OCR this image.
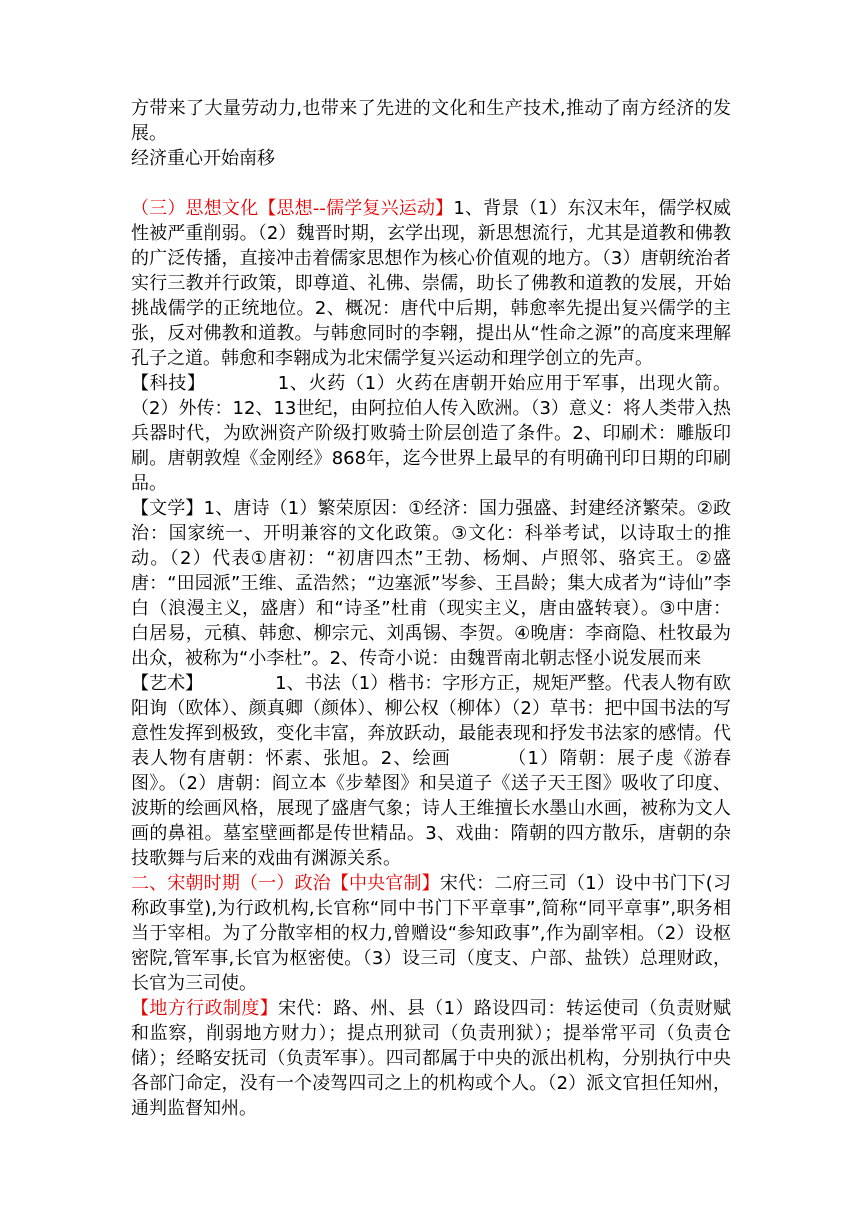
方带来了大量劳动力,也带来了先进的文化和生产技术,推动了南方经济的发展。

经济重心开始南移

（三）思想文化【思想--儒学复兴运动】1、背景（1）东汉末年，儒学权威性被严重削弱。（2）魏晋时期，玄学出现，新思想流行，尤其是道教和佛教的广泛传播，直接冲击着儒家思想作为核心价值观的地方。（3）唐朝统治者实行三教并行政策，即尊道、礼佛、崇儒，助长了佛教和道教的发展，开始挑战儒学的正统地位。2、概况：唐代中后期，韩愈率先提出复兴儒学的主张，反对佛教和道教。与韩愈同时的李翱，提出从“性命之源”的高度来理解孔子之道。韩愈和李翱成为北宋儒学复兴运动和理学创立的先声。

【科技】	1、火药（1）火药在唐朝开始应用于军事，出现火箭。（2）外传：12、13世纪，由阿拉伯人传入欧洲。（3）意义：将人类带入热兵器时代，为欧洲资产阶级打败骑士阶层创造了条件。2、印刷术：雕版印刷。唐朝敦煌《金刚经》868年，迄今世界上最早的有明确刊印日期的印刷品。

【文学】1、唐诗（1）繁荣原因：①经济：国力强盛、封建经济繁荣。②政治：国家统一、开明兼容的文化政策。③文化：科举考试，以诗取士的推动。（2）代表①唐初：“初唐四杰”王勃、杨炯、卢照邻、骆宾王。②盛唐：“田园派”王维、孟浩然；“边塞派”岑参、王昌龄；集大成者为“诗仙”李白（浪漫主义，盛唐）和“诗圣”杜甫（现实主义，唐由盛转衰）。③中唐：白居易，元稹、韩愈、柳宗元、刘禹锡、李贺。④晚唐：李商隐、杜牧最为出众，被称为“小李杜”。2、传奇小说：由魏晋南北朝志怪小说发展而来

【艺术】	1、书法（1）楷书：字形方正，规矩严整。代表人物有欧阳询（欧体）、颜真卿（颜体）、柳公权（柳体）（2）草书：把中国书法的写意性发挥到极致，变化丰富，奔放跃动，最能表现和抒发书法家的感情。代表人物有唐朝：怀素、张旭。2、绘画	（1）隋朝：展子虔《游春图》。（2）唐朝：阎立本《步辇图》和吴道子《送子天王图》吸收了印度、波斯的绘画风格，展现了盛唐气象；诗人王维擅长水墨山水画，被称为文人画的鼻祖。墓室壁画都是传世精品。3、戏曲：隋朝的四方散乐，唐朝的杂技歌舞与后来的戏曲有渊源关系。

二、宋朝时期（一）政治【中央官制】宋代：二府三司（1）设中书门下(习称政事堂),为行政机构,长官称“同中书门下平章事”,简称“同平章事”,职务相当于宰相。为了分散宰相的权力,曾赠设“参知政事”,作为副宰相。（2）设枢密院,管军事,长官为枢密使。（3）设三司（度支、户部、盐铁）总理财政，长官为三司使。

【地方行政制度】宋代：路、州、县（1）路设四司：转运使司（负责财赋和监察，削弱地方财力）；提点刑狱司（负责刑狱）；提举常平司（负责仓储）；经略安抚司（负责军事）。四司都属于中央的派出机构，分别执行中央各部门命定，没有一个凌驾四司之上的机构或个人。（2）派文官担任知州，通判监督知州。
